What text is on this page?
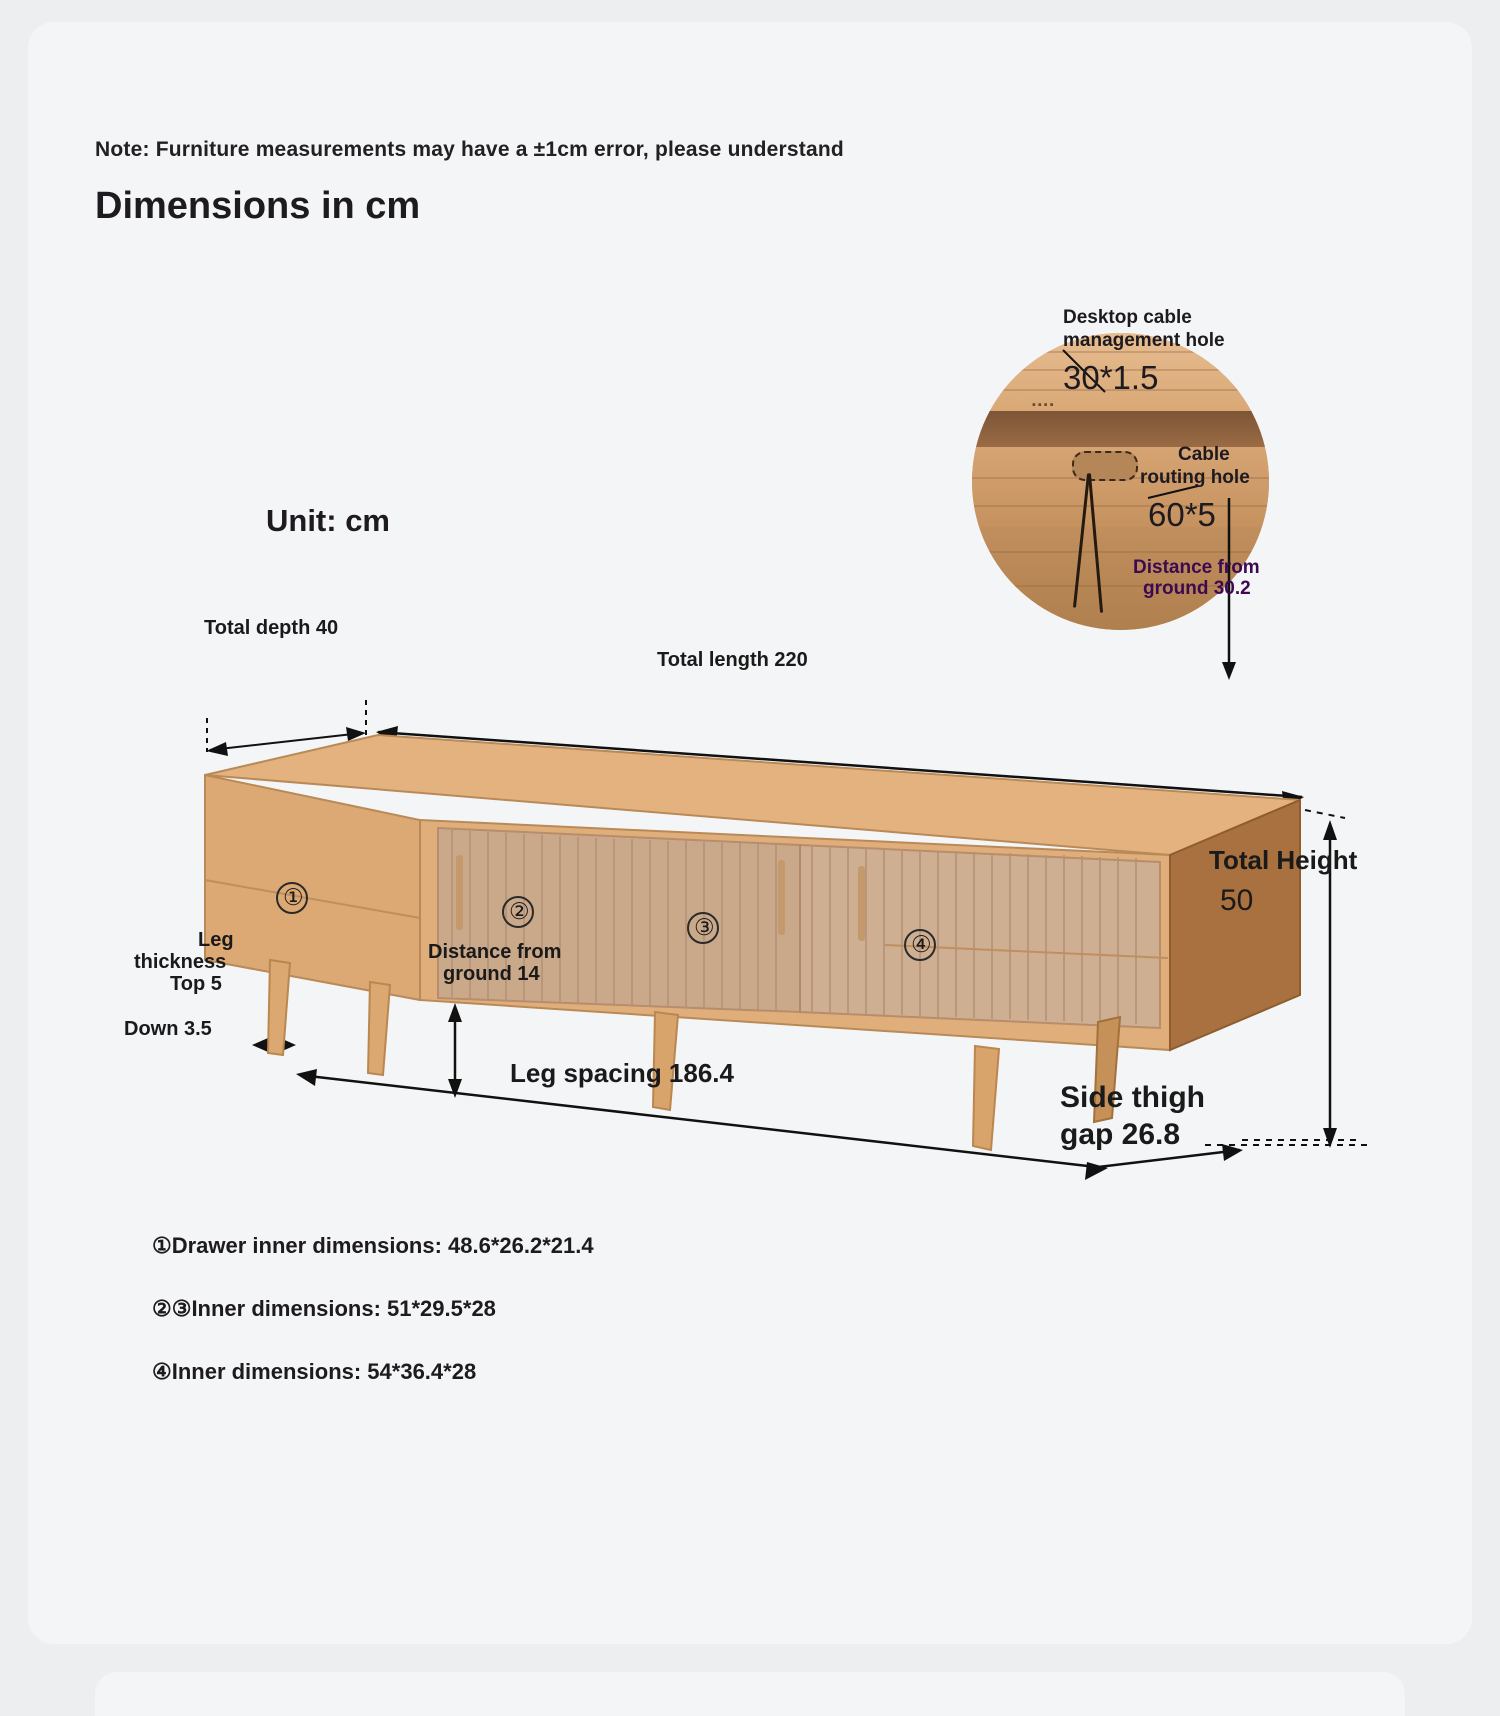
Note: Furniture measurements may have a ±1cm error, please understand
Dimensions in cm
Unit: cm
▪▪▪▪
①
②
③
④
Desktop cable
management hole
30*1.5
Cable
routing hole
60*5
Distance from
ground 30.2
Total depth 40
Total length 220
Total Height
50
Leg
thickness
Top 5
Down 3.5
Distance from
ground 14
Leg spacing 186.4
Side thigh
gap 26.8
①Drawer inner dimensions: 48.6*26.2*21.4
②③Inner dimensions: 51*29.5*28
④Inner dimensions: 54*36.4*28
